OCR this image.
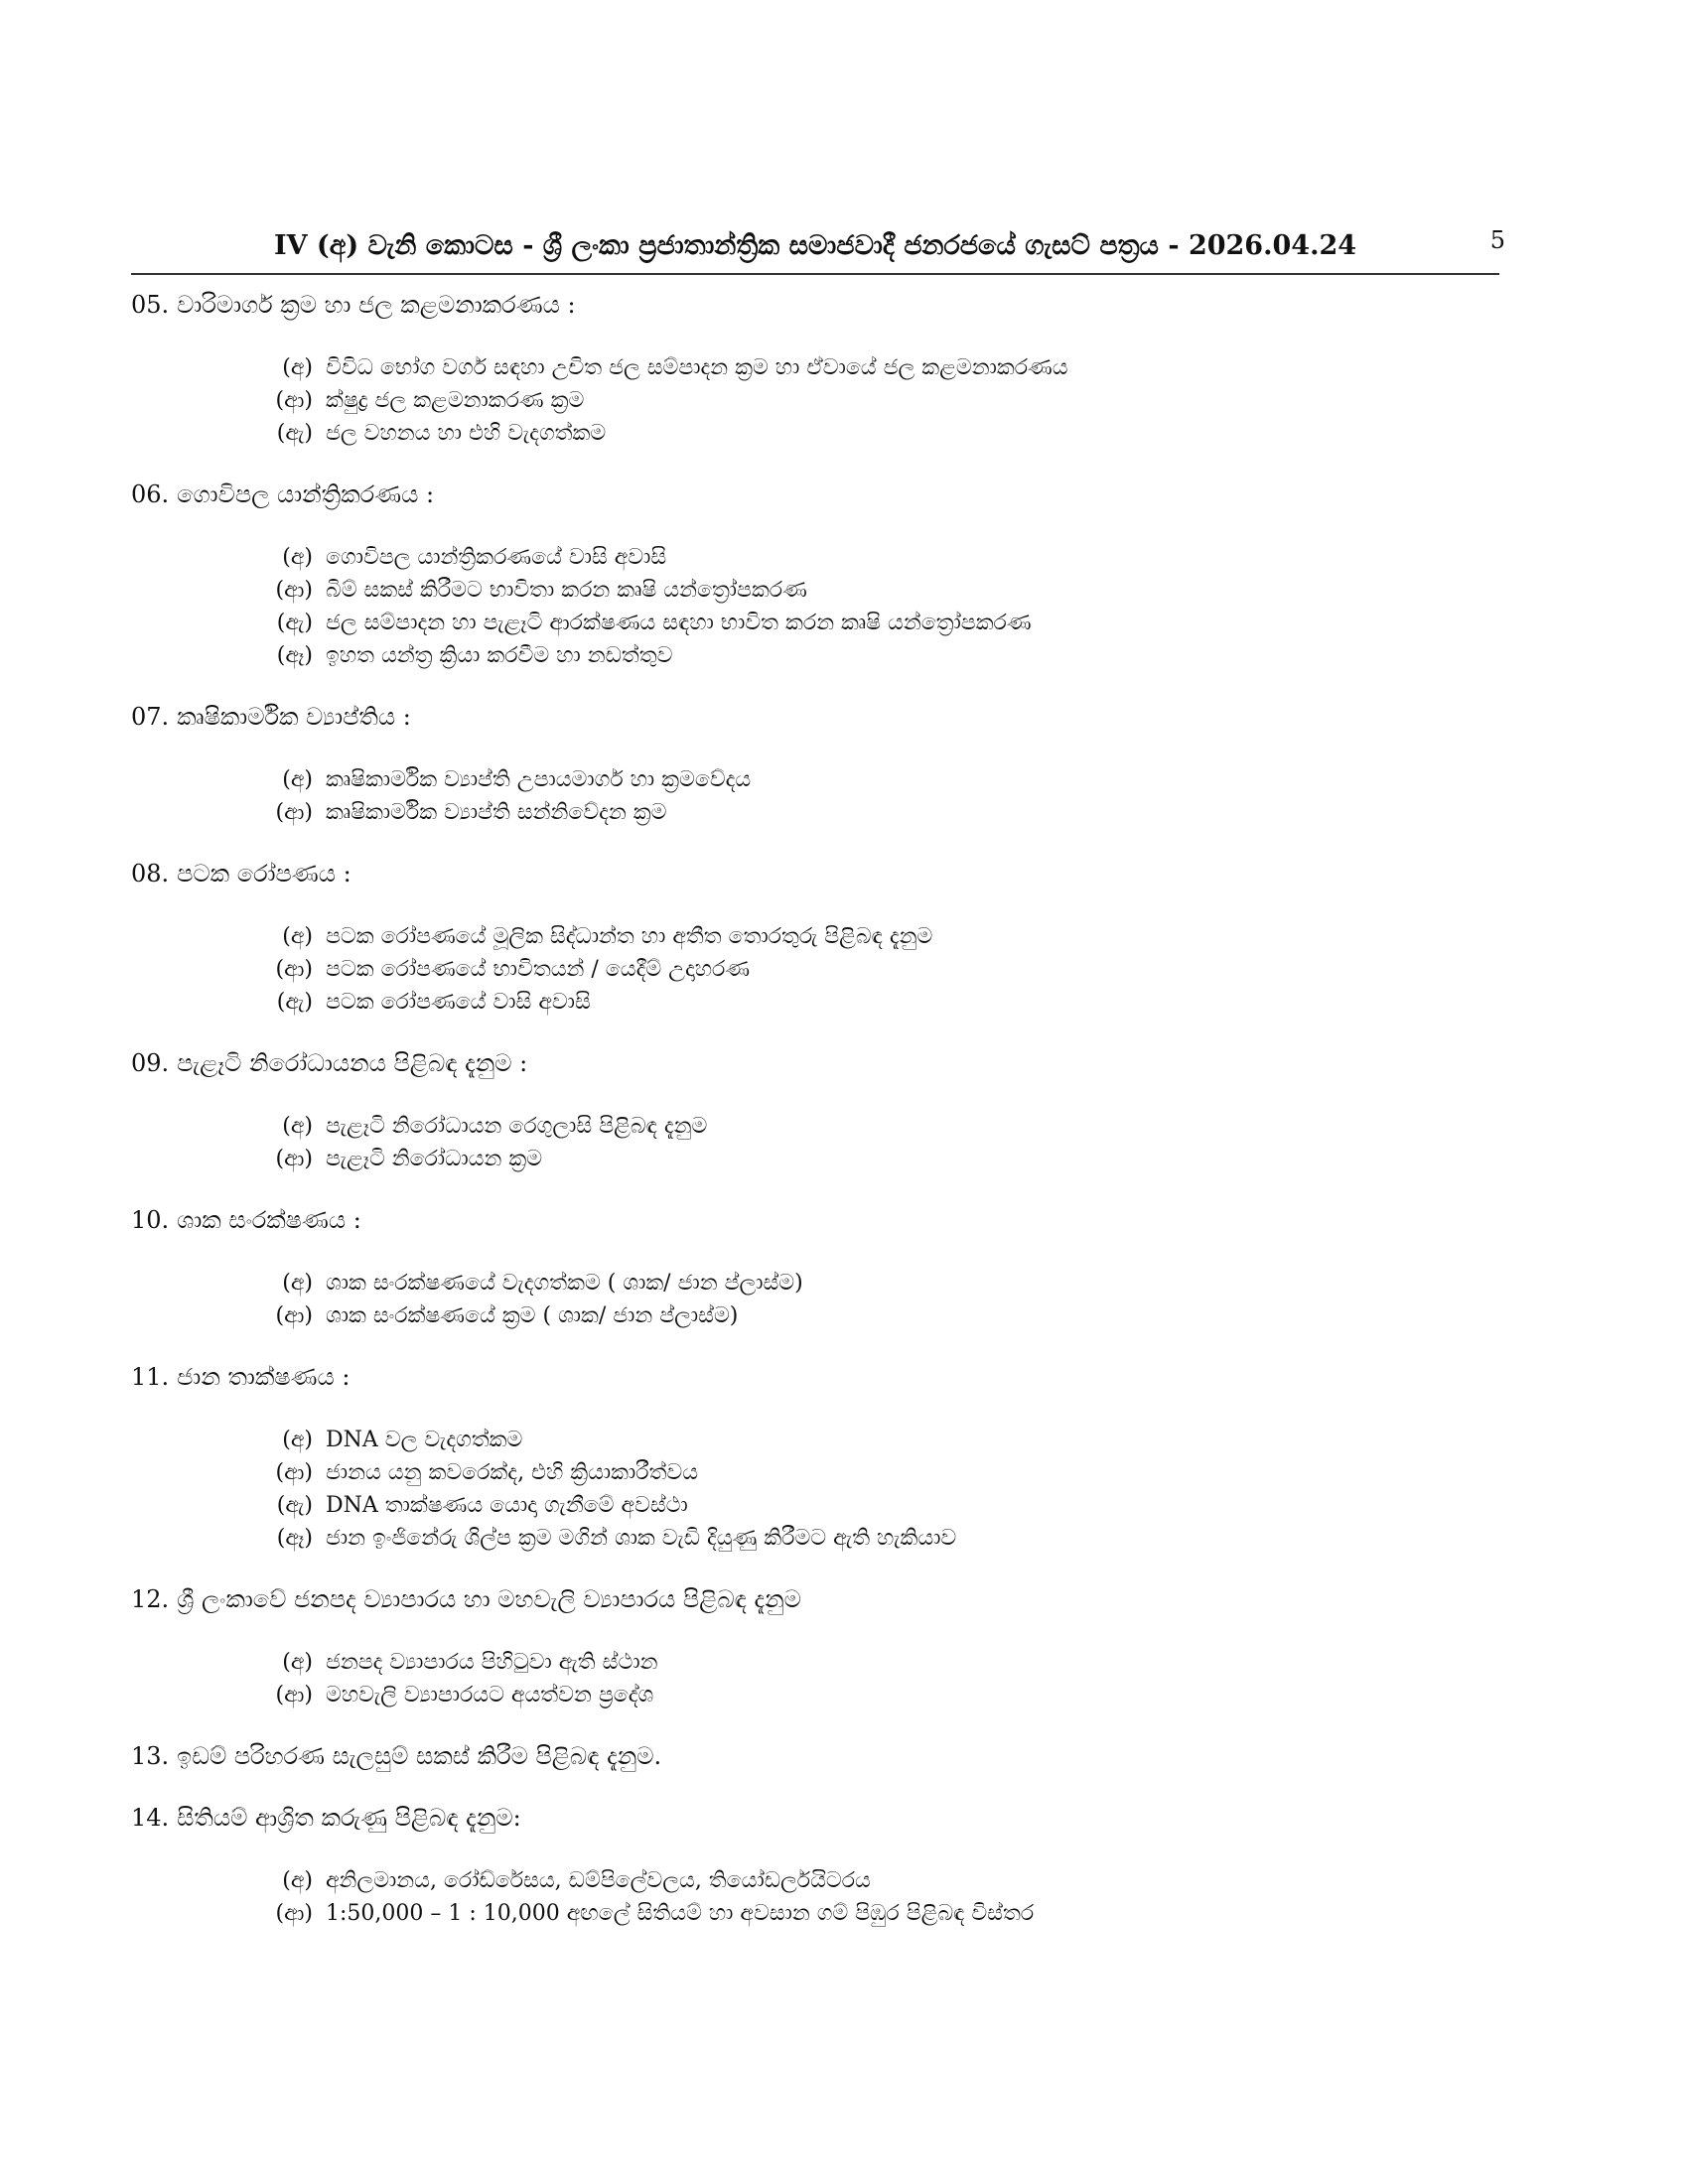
IV (අ) වැනි කොටස - ශ්‍රී ලංකා ප්‍රජාතාන්ත්‍රික සමාජවාදී ජනරජයේ ගැසට් පත්‍රය - 2026.04.24	5
05. වාරිමාර්ග ක්‍රම හා ජල කළමනාකරණය :
(අ) විවිධ භෝග වර්ග සඳහා උචිත ජල සම්පාදන ක්‍රම හා ඒවායේ ජල කළමනාකරණය
(ආ) ක්ෂුද්‍ර ජල කළමනාකරණ ක්‍රම
(ඇ) ජල වහනය හා එහි වැදගත්කම
06. ගොවිපල යාන්ත්‍රිකරණය :
(අ) ගොවිපල යාන්ත්‍රිකරණයේ වාසි අවාසි
(ආ) බිම් සකස් කිරීමට භාවිතා කරන කෘෂි යන්ත්‍රෝපකරණ
(ඇ) ජල සම්පාදන හා පැළෑටි ආරක්ෂණය සඳහා භාවිත කරන කෘෂි යන්ත්‍රෝපකරණ
(ඈ) ඉහත යන්ත්‍ර ක්‍රියා කරවීම හා නඩත්තුව
07. කෘෂිකාර්මික ව්‍යාප්තිය :
(අ) කෘෂිකාර්මික ව්‍යාප්ති උපායමාර්ග හා ක්‍රමවේදය
(ආ) කෘෂිකාර්මික ව්‍යාප්ති සන්නිවේදන ක්‍රම
08. පටක රෝපණය :
(අ) පටක රෝපණයේ මූලික සිද්ධාන්ත හා අතීත තොරතුරු පිළිබඳ දැනුම
(ආ) පටක රෝපණයේ භාවිතයන් / යෙදීම් උදාහරණ
(ඇ) පටක රෝපණයේ වාසි අවාසි
09. පැළෑටි නිරෝධායනය පිළිබඳ දැනුම :
(අ) පැළෑටි නිරෝධායන රෙගුලාසි පිළිබඳ දැනුම
(ආ) පැළෑටි නිරෝධායන ක්‍රම
10. ශාක සංරක්ෂණය :
(අ) ශාක සංරක්ෂණයේ වැදගත්කම ( ශාක/ ජාන ප්ලාස්ම)
(ආ) ශාක සංරක්ෂණයේ ක්‍රම ( ශාක/ ජාන ප්ලාස්ම)
11. ජාන තාක්ෂණය :
(අ) DNA වල වැදගත්කම
(ආ) ජානය යනු කවරෙක්ද, එහි ක්‍රියාකාරීත්වය
(ඇ) DNA තාක්ෂණය යොදා ගැනීමේ අවස්ථා
(ඈ) ජාන ඉංජිනේරු ශිල්ප ක්‍රම මගින් ශාක වැඩි දියුණු කිරීමට ඇති හැකියාව
12. ශ්‍රී ලංකාවේ ජනපද ව්‍යාපාරය හා මහවැලි ව්‍යාපාරය පිළිබඳ දැනුම
(අ) ජනපද ව්‍යාපාරය පිහිටුවා ඇති ස්ථාන
(ආ) මහවැලි ව්‍යාපාරයට අයත්වන ප්‍රදේශ
13. ඉඩම් පරිහරණ සැලසුම් සකස් කිරීම පිළිබඳ දැනුම.
14. සිතියම් ආශ්‍රිත කරුණු පිළිබඳ දැනුම:
(අ) අනිලමානය, රෝඩ්රේසය, ඩම්පිලේවලය, තියෝඩර්ලයිටරය
(ආ) 1:50,000 – 1 : 10,000 අඟලේ සිතියම් හා අවසාන ගම් පිඹුර පිළිබඳ විස්තර
